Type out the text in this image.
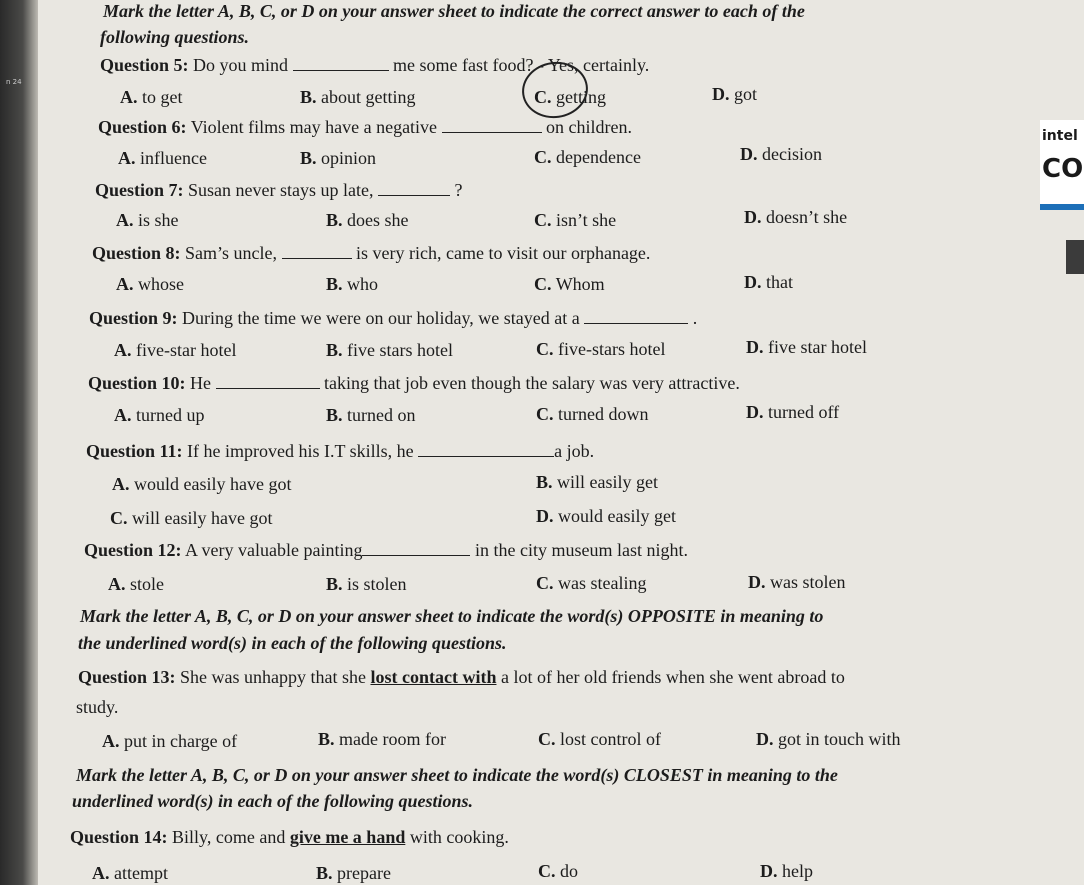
n 24
intel
CO
Mark the letter A, B, C, or D on your answer sheet to indicate the correct answer to each of the
following questions.
Question 5: Do you mind	me some fast food? - Yes, certainly.
A. to get	B. about getting	C. getting	D. got
Question 6: Violent films may have a negative	on children.
A. influence	B. opinion	C. dependence	D. decision
Question 7: Susan never stays up late,	?
A. is she	B. does she	C. isn’t she	D. doesn’t she
Question 8: Sam’s uncle,	is very rich, came to visit our orphanage.
A. whose	B. who	C. Whom	D. that
Question 9: During the time we were on our holiday, we stayed at a	.
A. five-star hotel	B. five stars hotel	C. five-stars hotel	D. five star hotel
Question 10: He	taking that job even though the salary was very attractive.
A. turned up	B. turned on	C. turned down	D. turned off
Question 11: If he improved his I.T skills, he	a job.
A. would easily have got	B. will easily get
C. will easily have got	D. would easily get
Question 12: A very valuable painting	in the city museum last night.
A. stole	B. is stolen	C. was stealing	D. was stolen
Mark the letter A, B, C, or D on your answer sheet to indicate the word(s) OPPOSITE in meaning to
the underlined word(s) in each of the following questions.
Question 13: She was unhappy that she lost contact with a lot of her old friends when she went abroad to
study.
A. put in charge of	B. made room for	C. lost control of	D. got in touch with
Mark the letter A, B, C, or D on your answer sheet to indicate the word(s) CLOSEST in meaning to the
underlined word(s) in each of the following questions.
Question 14: Billy, come and give me a hand with cooking.
A. attempt	B. prepare	C. do	D. help
